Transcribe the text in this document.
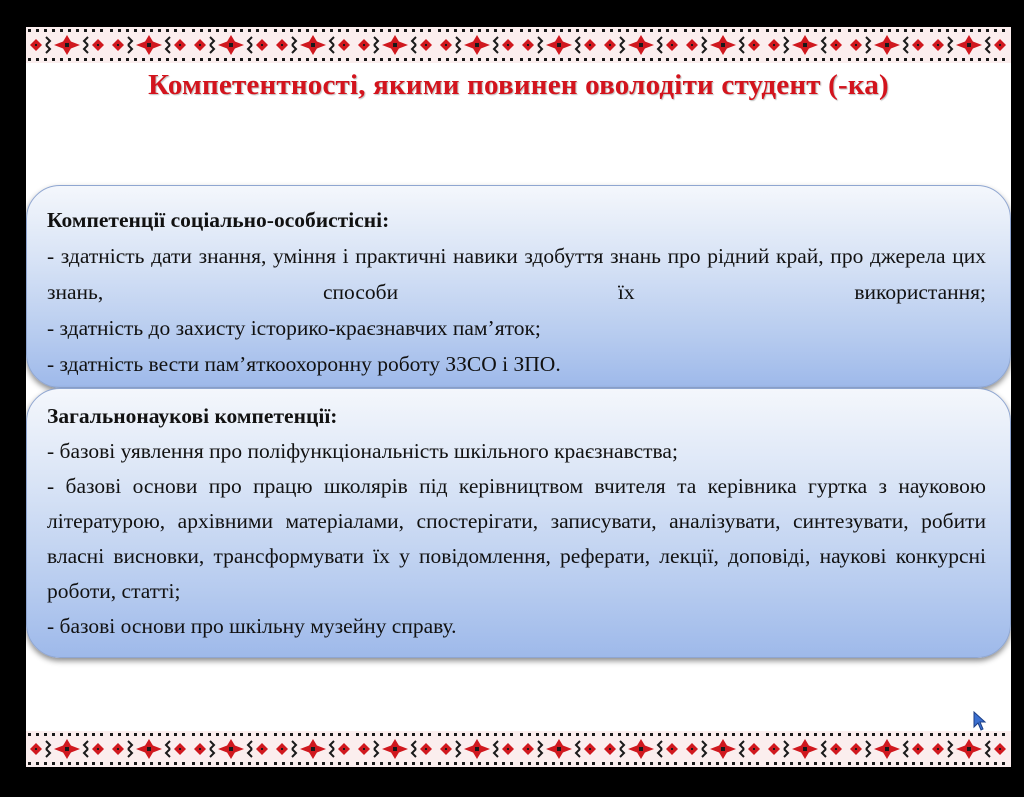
Компетентності, якими повинен оволодіти студент (-ка)
Компетенції соціально-особистісні:

- здатність дати знання, уміння і практичні навики здобуття знань про рідний край, про джерела цих знань, способи їх використання;

- здатність до захисту історико-краєзнавчих пам’яток;

- здатність вести пам’яткоохоронну роботу ЗЗСО і ЗПО.

Загальнонаукові компетенції:

- базові уявлення про поліфункціональність шкільного краєзнавства;

- базові основи про працю школярів під керівництвом вчителя та керівника гуртка з науковою літературою, архівними матеріалами, спостерігати, записувати, аналізувати, синтезувати, робити власні висновки, трансформувати їх у повідомлення, реферати, лекції, доповіді, наукові конкурсні роботи, статті;

- базові основи про шкільну музейну справу.
